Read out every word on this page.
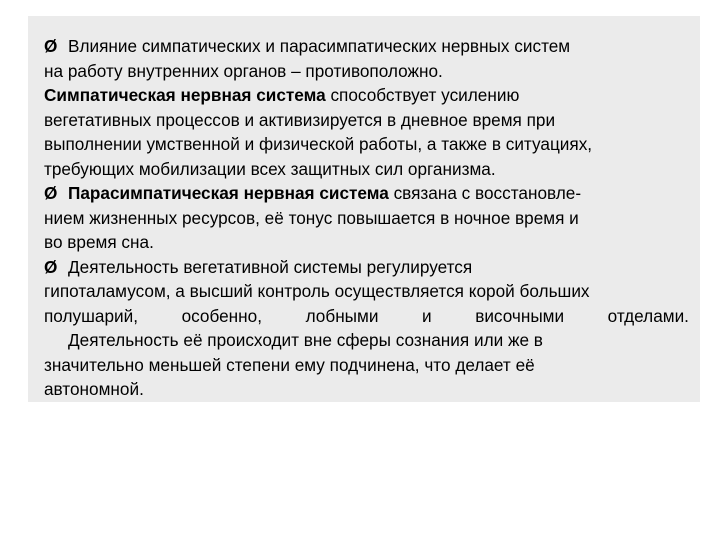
Ø Влияние симпатических и парасимпатических нервных систем
на работу внутренних органов – противоположно.
Симпатическая нервная система способствует усилению
вегетативных процессов и активизируется в дневное время при
выполнении умственной и физической работы, а также в ситуациях,
требующих мобилизации всех защитных сил организма.
Ø Парасимпатическая нервная система связана с восстановле-
нием жизненных ресурсов, её тонус повышается в ночное время и
во время сна.
Ø Деятельность вегетативной системы регулируется
гипоталамусом, а высший контроль осуществляется корой больших
полушарий,	особенно,	лобными	и	височными	отделами.
Деятельность её происходит вне сферы сознания или же в
значительно меньшей степени ему подчинена, что делает её
автономной.
